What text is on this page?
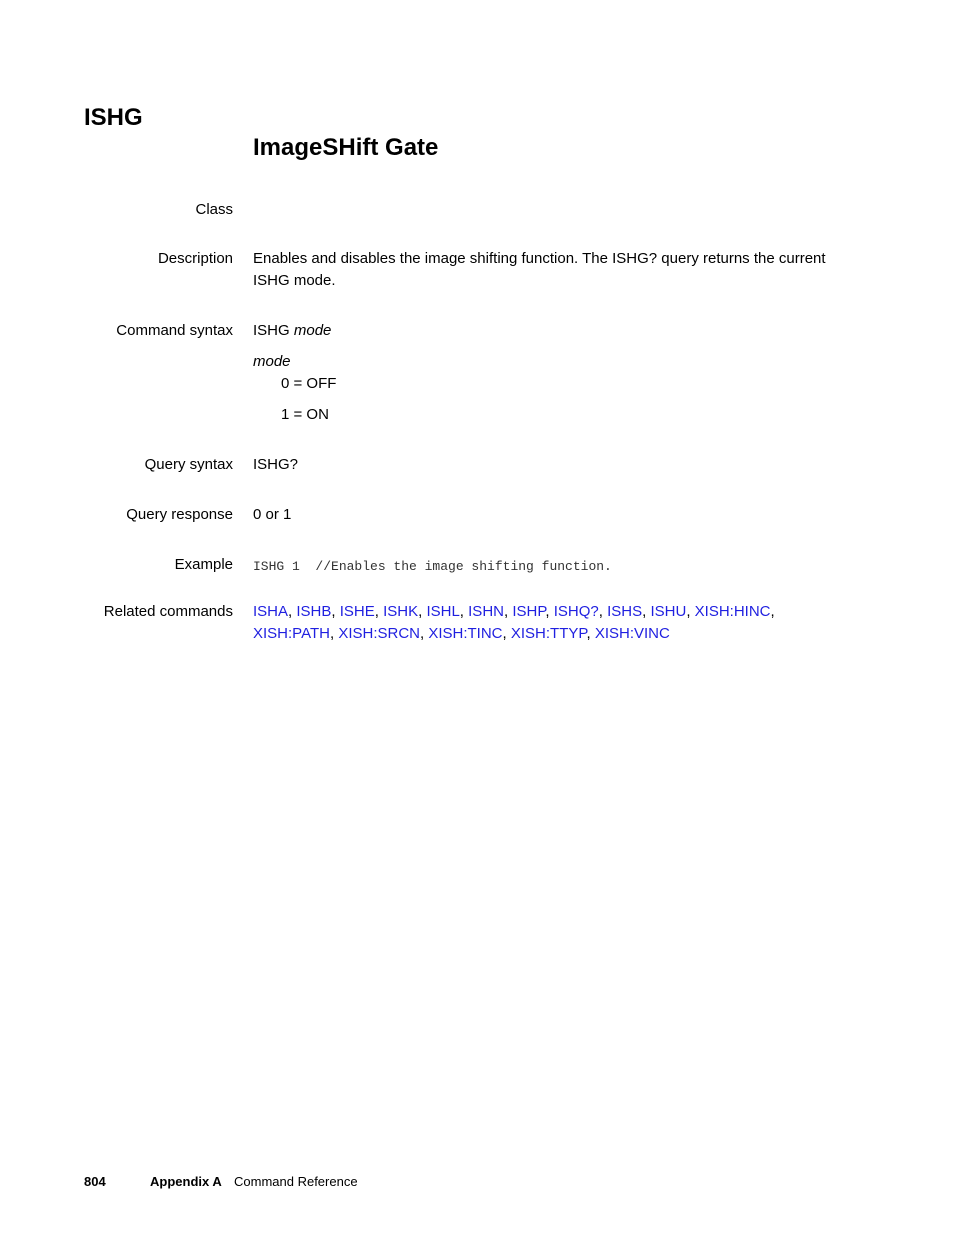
ISHG
ImageSHift Gate
Class
Description Enables and disables the image shifting function. The ISHG? query returns the current ISHG mode.
Command syntax ISHG mode
mode
0 = OFF
1 = ON
Query syntax ISHG?
Query response 0 or 1
Example ISHG 1  //Enables the image shifting function.
Related commands ISHA, ISHB, ISHE, ISHK, ISHL, ISHN, ISHP, ISHQ?, ISHS, ISHU, XISH:HINC, XISH:PATH, XISH:SRCN, XISH:TINC, XISH:TTYP, XISH:VINC
804	Appendix A Command Reference
